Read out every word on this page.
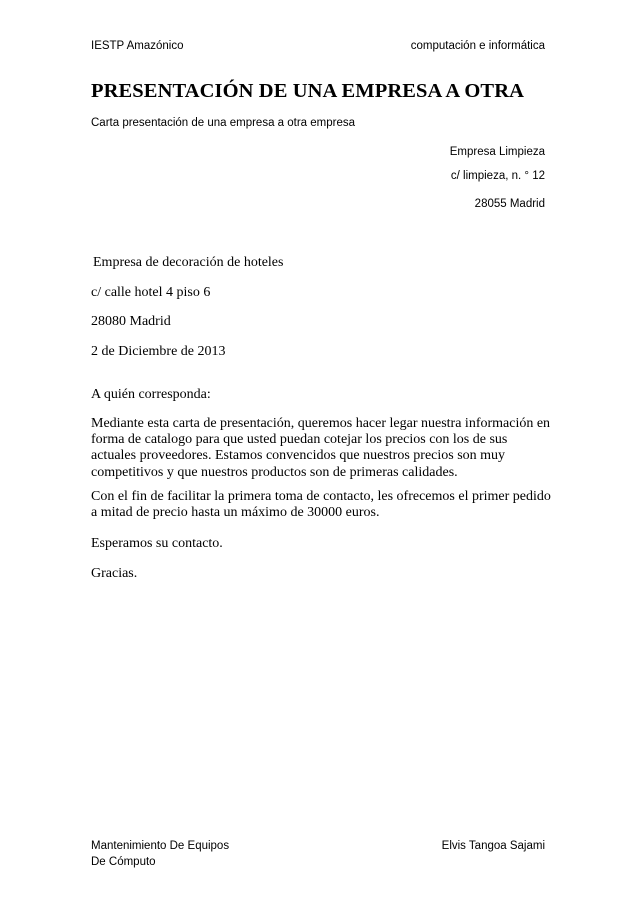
IESTP Amazónico	computación e informática
PRESENTACIÓN DE UNA EMPRESA A OTRA
Carta presentación de una empresa a otra empresa
Empresa Limpieza
c/ limpieza, n. ° 12
28055 Madrid
Empresa de decoración de hoteles
c/ calle hotel 4 piso 6
28080 Madrid
2 de Diciembre de 2013
A quién corresponda:
Mediante esta carta de presentación, queremos hacer legar nuestra información en forma de catalogo para que usted puedan cotejar los precios con los de sus actuales proveedores. Estamos convencidos que nuestros precios son muy competitivos y que nuestros productos son de primeras calidades.
Con el fin de facilitar la primera toma de contacto, les ofrecemos el primer pedido a mitad de precio hasta un máximo de 30000 euros.
Esperamos su contacto.
Gracias.
Mantenimiento De Equipos
De Cómputo
Elvis Tangoa Sajami
